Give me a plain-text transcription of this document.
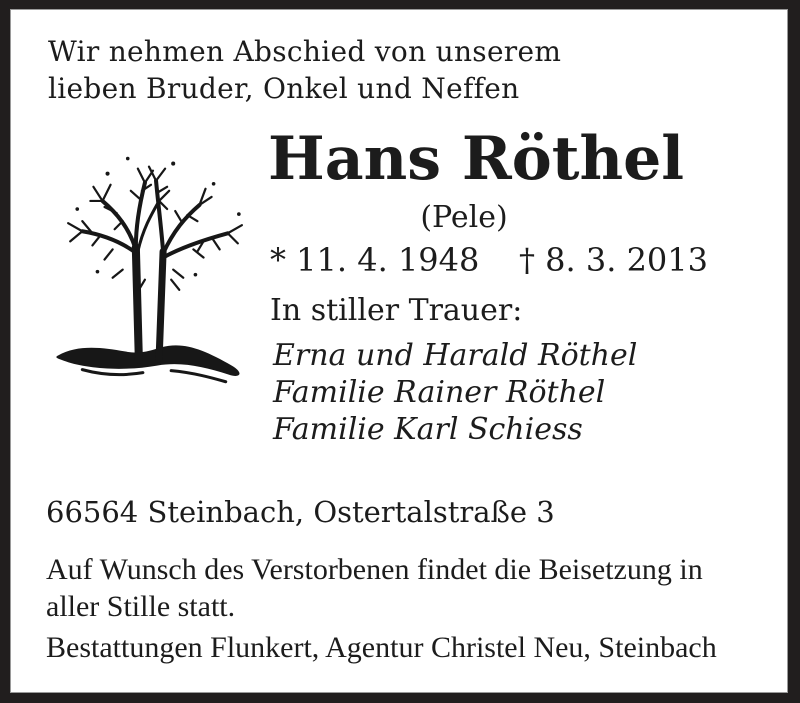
Wir nehmen Abschied von unserem
lieben Bruder, Onkel und Neffen
Hans Röthel
(Pele)
* 11. 4. 1948 † 8. 3. 2013
In stiller Trauer:
Erna und Harald Röthel
Familie Rainer Röthel
Familie Karl Schiess
66564 Steinbach, Ostertalstraße 3
Auf Wunsch des Verstorbenen findet die Beisetzung in
aller Stille statt.
Bestattungen Flunkert, Agentur Christel Neu, Steinbach
